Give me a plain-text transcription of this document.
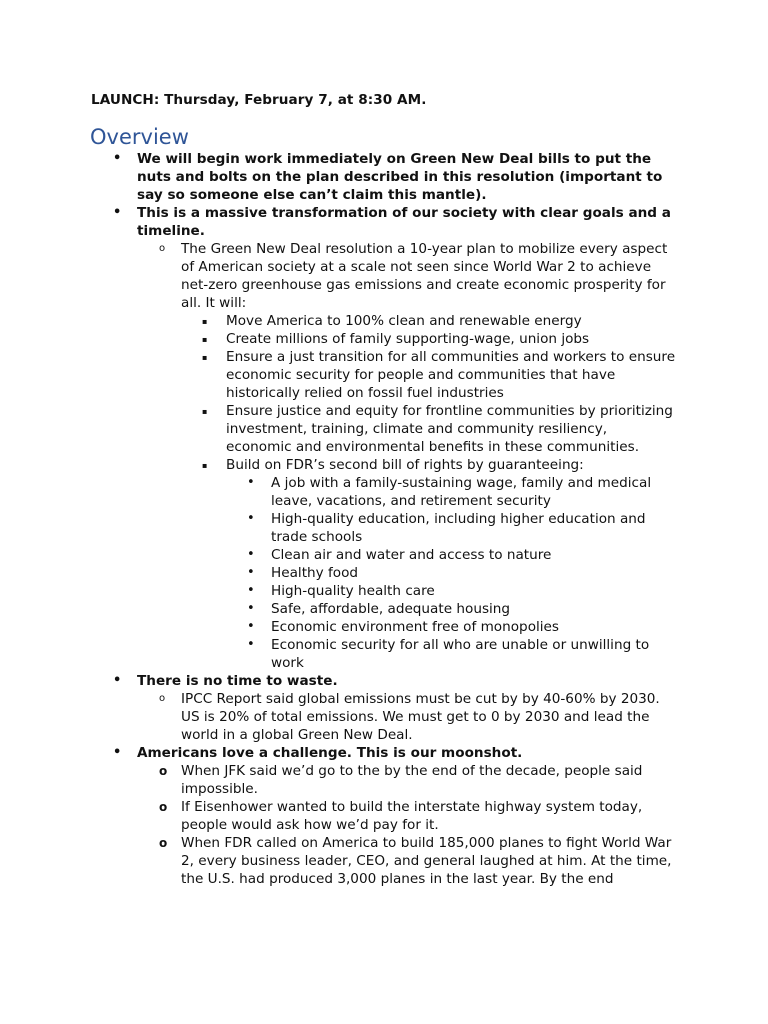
LAUNCH: Thursday, February 7, at 8:30 AM.
Overview
• We will begin work immediately on Green New Deal bills to put the nuts and bolts on the plan described in this resolution (important to say so someone else can’t claim this mantle).
• This is a massive transformation of our society with clear goals and a timeline.
o The Green New Deal resolution a 10-year plan to mobilize every aspect of American society at a scale not seen since World War 2 to achieve net-zero greenhouse gas emissions and create economic prosperity for all. It will:
▪ Move America to 100% clean and renewable energy
▪ Create millions of family supporting-wage, union jobs
▪ Ensure a just transition for all communities and workers to ensure economic security for people and communities that have historically relied on fossil fuel industries
▪ Ensure justice and equity for frontline communities by prioritizing investment, training, climate and community resiliency, economic and environmental benefits in these communities.
▪ Build on FDR’s second bill of rights by guaranteeing:
• A job with a family-sustaining wage, family and medical leave, vacations, and retirement security
• High-quality education, including higher education and trade schools
• Clean air and water and access to nature
• Healthy food
• High-quality health care
• Safe, affordable, adequate housing
• Economic environment free of monopolies
• Economic security for all who are unable or unwilling to work
• There is no time to waste.
o IPCC Report said global emissions must be cut by by 40-60% by 2030. US is 20% of total emissions. We must get to 0 by 2030 and lead the world in a global Green New Deal.
• Americans love a challenge. This is our moonshot.
o When JFK said we’d go to the by the end of the decade, people said impossible.
o If Eisenhower wanted to build the interstate highway system today, people would ask how we’d pay for it.
o When FDR called on America to build 185,000 planes to fight World War 2, every business leader, CEO, and general laughed at him. At the time, the U.S. had produced 3,000 planes in the last year. By the end
